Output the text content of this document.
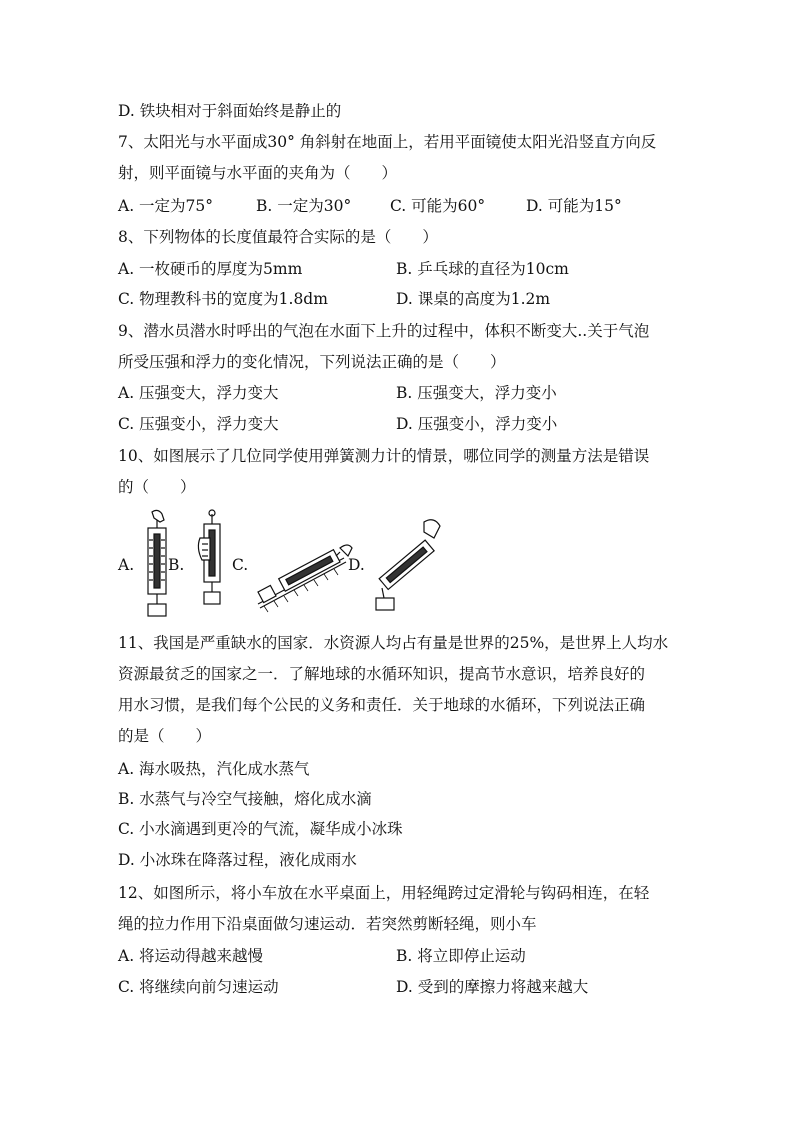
D. 铁块相对于斜面始终是静止的
7、太阳光与水平面成30° 角斜射在地面上，若用平面镜使太阳光沿竖直方向反
射，则平面镜与水平面的夹角为（　　）
A. 一定为75°	B. 一定为30°	C. 可能为60°	D. 可能为15°
8、下列物体的长度值最符合实际的是（　　）
A. 一枚硬币的厚度为5mm	B. 乒乓球的直径为10cm
C. 物理教科书的宽度为1.8dm	D. 课桌的高度为1.2m
9、潜水员潜水时呼出的气泡在水面下上升的过程中，体积不断变大..关于气泡
所受压强和浮力的变化情况，下列说法正确的是（　　）
A. 压强变大，浮力变大	B. 压强变大，浮力变小
C. 压强变小，浮力变大	D. 压强变小，浮力变小
10、如图展示了几位同学使用弹簧测力计的情景，哪位同学的测量方法是错误
的（　　）
A. B.	C.	D.
11、我国是严重缺水的国家．水资源人均占有量是世界的25%，是世界上人均水
资源最贫乏的国家之一．了解地球的水循环知识，提高节水意识，培养良好的
用水习惯，是我们每个公民的义务和责任．关于地球的水循环，下列说法正确
的是（　　）
A. 海水吸热，汽化成水蒸气
B. 水蒸气与冷空气接触，熔化成水滴
C. 小水滴遇到更冷的气流，凝华成小冰珠
D. 小冰珠在降落过程，液化成雨水
12、如图所示，将小车放在水平桌面上，用轻绳跨过定滑轮与钩码相连，在轻
绳的拉力作用下沿桌面做匀速运动．若突然剪断轻绳，则小车
A. 将运动得越来越慢	B. 将立即停止运动
C. 将继续向前匀速运动	D. 受到的摩擦力将越来越大
